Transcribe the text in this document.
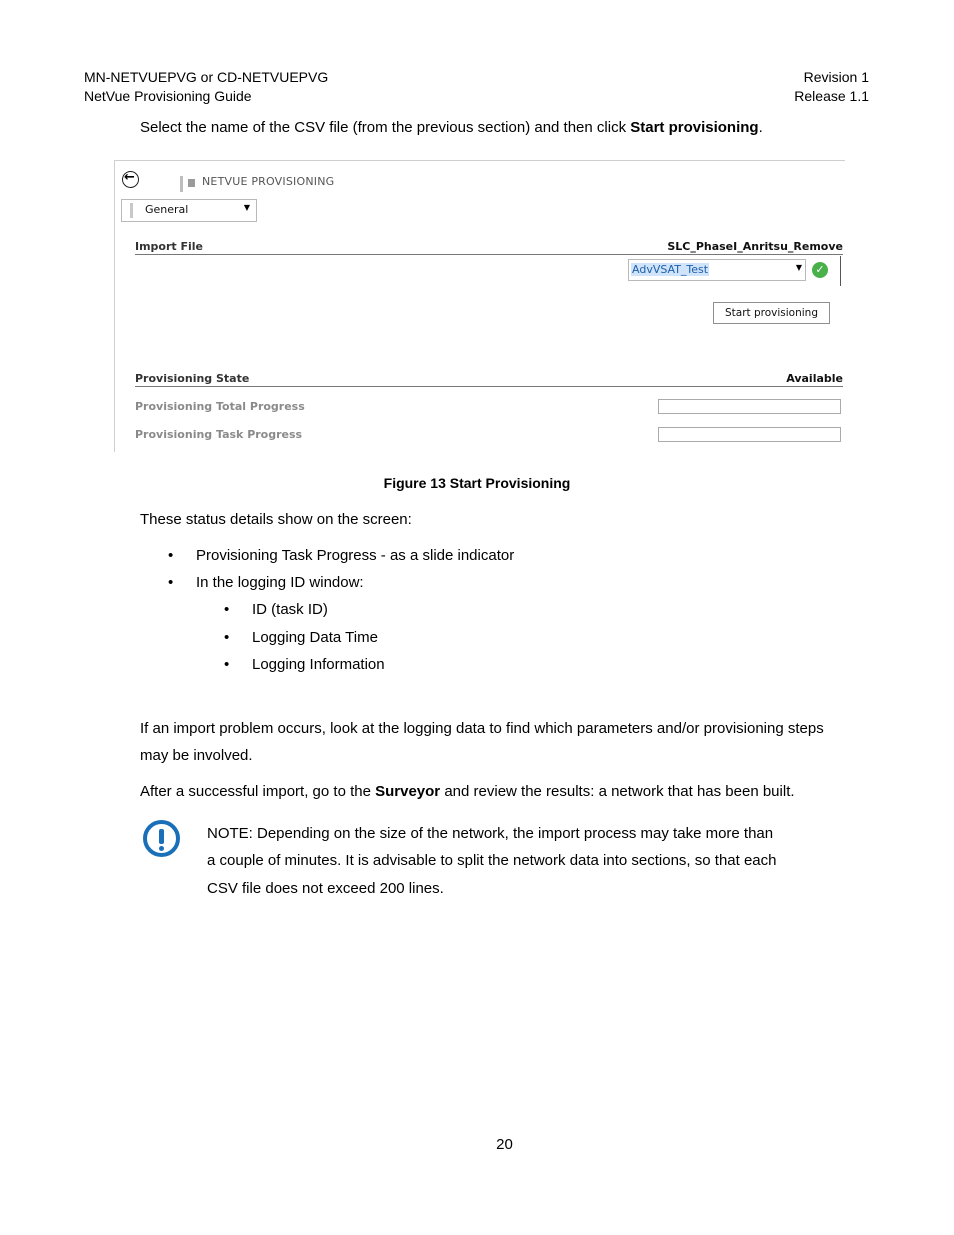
MN-NETVUEPVG or CD-NETVUEPVG
NetVue Provisioning Guide
Revision 1
Release 1.1
Select the name of the CSV file (from the previous section) and then click Start provisioning.
←	NETVUE PROVISIONING
General	▼
Import File	SLC_PhaseI_Anritsu_Remove
AdvVSAT_Test	▼	✓
Start provisioning
Provisioning State	Available
Provisioning Total Progress
Provisioning Task Progress
Figure 13 Start Provisioning
These status details show on the screen:
• Provisioning Task Progress - as a slide indicator
• In the logging ID window:
• ID (task ID)
• Logging Data Time
• Logging Information
If an import problem occurs, look at the logging data to find which parameters and/or provisioning steps
may be involved.
After a successful import, go to the Surveyor and review the results: a network that has been built.
NOTE: Depending on the size of the network, the import process may take more than
a couple of minutes. It is advisable to split the network data into sections, so that each
CSV file does not exceed 200 lines.
20
